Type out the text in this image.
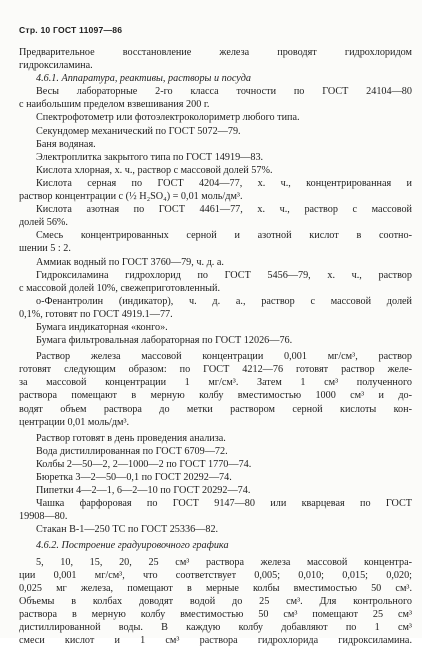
Стр. 10 ГОСТ 11097—86
Предварительное восстановление железа проводят гидрохлоридом
гидроксиламина.
4.6.1. Аппаратура, реактивы, растворы и посуда
Весы лабораторные 2-го класса точности по ГОСТ 24104—80
с наибольшим пределом взвешивания 200 г.
Спектрофотометр или фотоэлектроколориметр любого типа.
Секундомер механический по ГОСТ 5072—79.
Баня водяная.
Электроплитка закрытого типа по ГОСТ 14919—83.
Кислота хлорная, х. ч., раствор с массовой долей 57%.
Кислота серная по ГОСТ 4204—77, х. ч., концентрированная и
раствор концентрации с (½ H₂SO₄) = 0,01 моль/дм³.
Кислота азотная по ГОСТ 4461—77, х. ч., раствор с массовой
долей 56%.
Смесь концентрированных серной и азотной кислот в соотно-
шении 5 : 2.
Аммиак водный по ГОСТ 3760—79, ч. д. а.
Гидроксиламина гидрохлорид по ГОСТ 5456—79, х. ч., раствор
с массовой долей 10%, свежеприготовленный.
о-Фенантролин (индикатор), ч. д. а., раствор с массовой долей
0,1%, готовят по ГОСТ 4919.1—77.
Бумага индикаторная «конго».
Бумага фильтровальная лабораторная по ГОСТ 12026—76.
Раствор железа массовой концентрации 0,001 мг/см³, раствор
готовят следующим образом: по ГОСТ 4212—76 готовят раствор желе-
за массовой концентрации 1 мг/см³. Затем 1 см³ полученного
раствора помещают в мерную колбу вместимостью 1000 см³ и до-
водят объем раствора до метки раствором серной кислоты кон-
центрации 0,01 моль/дм³.
Раствор готовят в день проведения анализа.
Вода дистиллированная по ГОСТ 6709—72.
Колбы 2—50—2, 2—1000—2 по ГОСТ 1770—74.
Бюретка 3—2—50—0,1 по ГОСТ 20292—74.
Пипетки 4—2—1, 6—2—10 по ГОСТ 20292—74.
Чашка фарфоровая по ГОСТ 9147—80 или кварцевая по ГОСТ
19908—80.
Стакан В-1—250 ТС по ГОСТ 25336—82.
4.6.2. Построение градуировочного графика
5, 10, 15, 20, 25 см³ раствора железа массовой концентра-
ции 0,001 мг/см³, что соответствует 0,005; 0,010; 0,015; 0,020;
0,025 мг железа, помещают в мерные колбы вместимостью 50 см³.
Объемы в колбах доводят водой до 25 см³. Для контрольного
раствора в мерную колбу вместимостью 50 см³ помещают 25 см³
дистиллированной воды. В каждую колбу добавляют по 1 см³
смеси кислот и 1 см³ раствора гидрохлорида гидроксиламина.
